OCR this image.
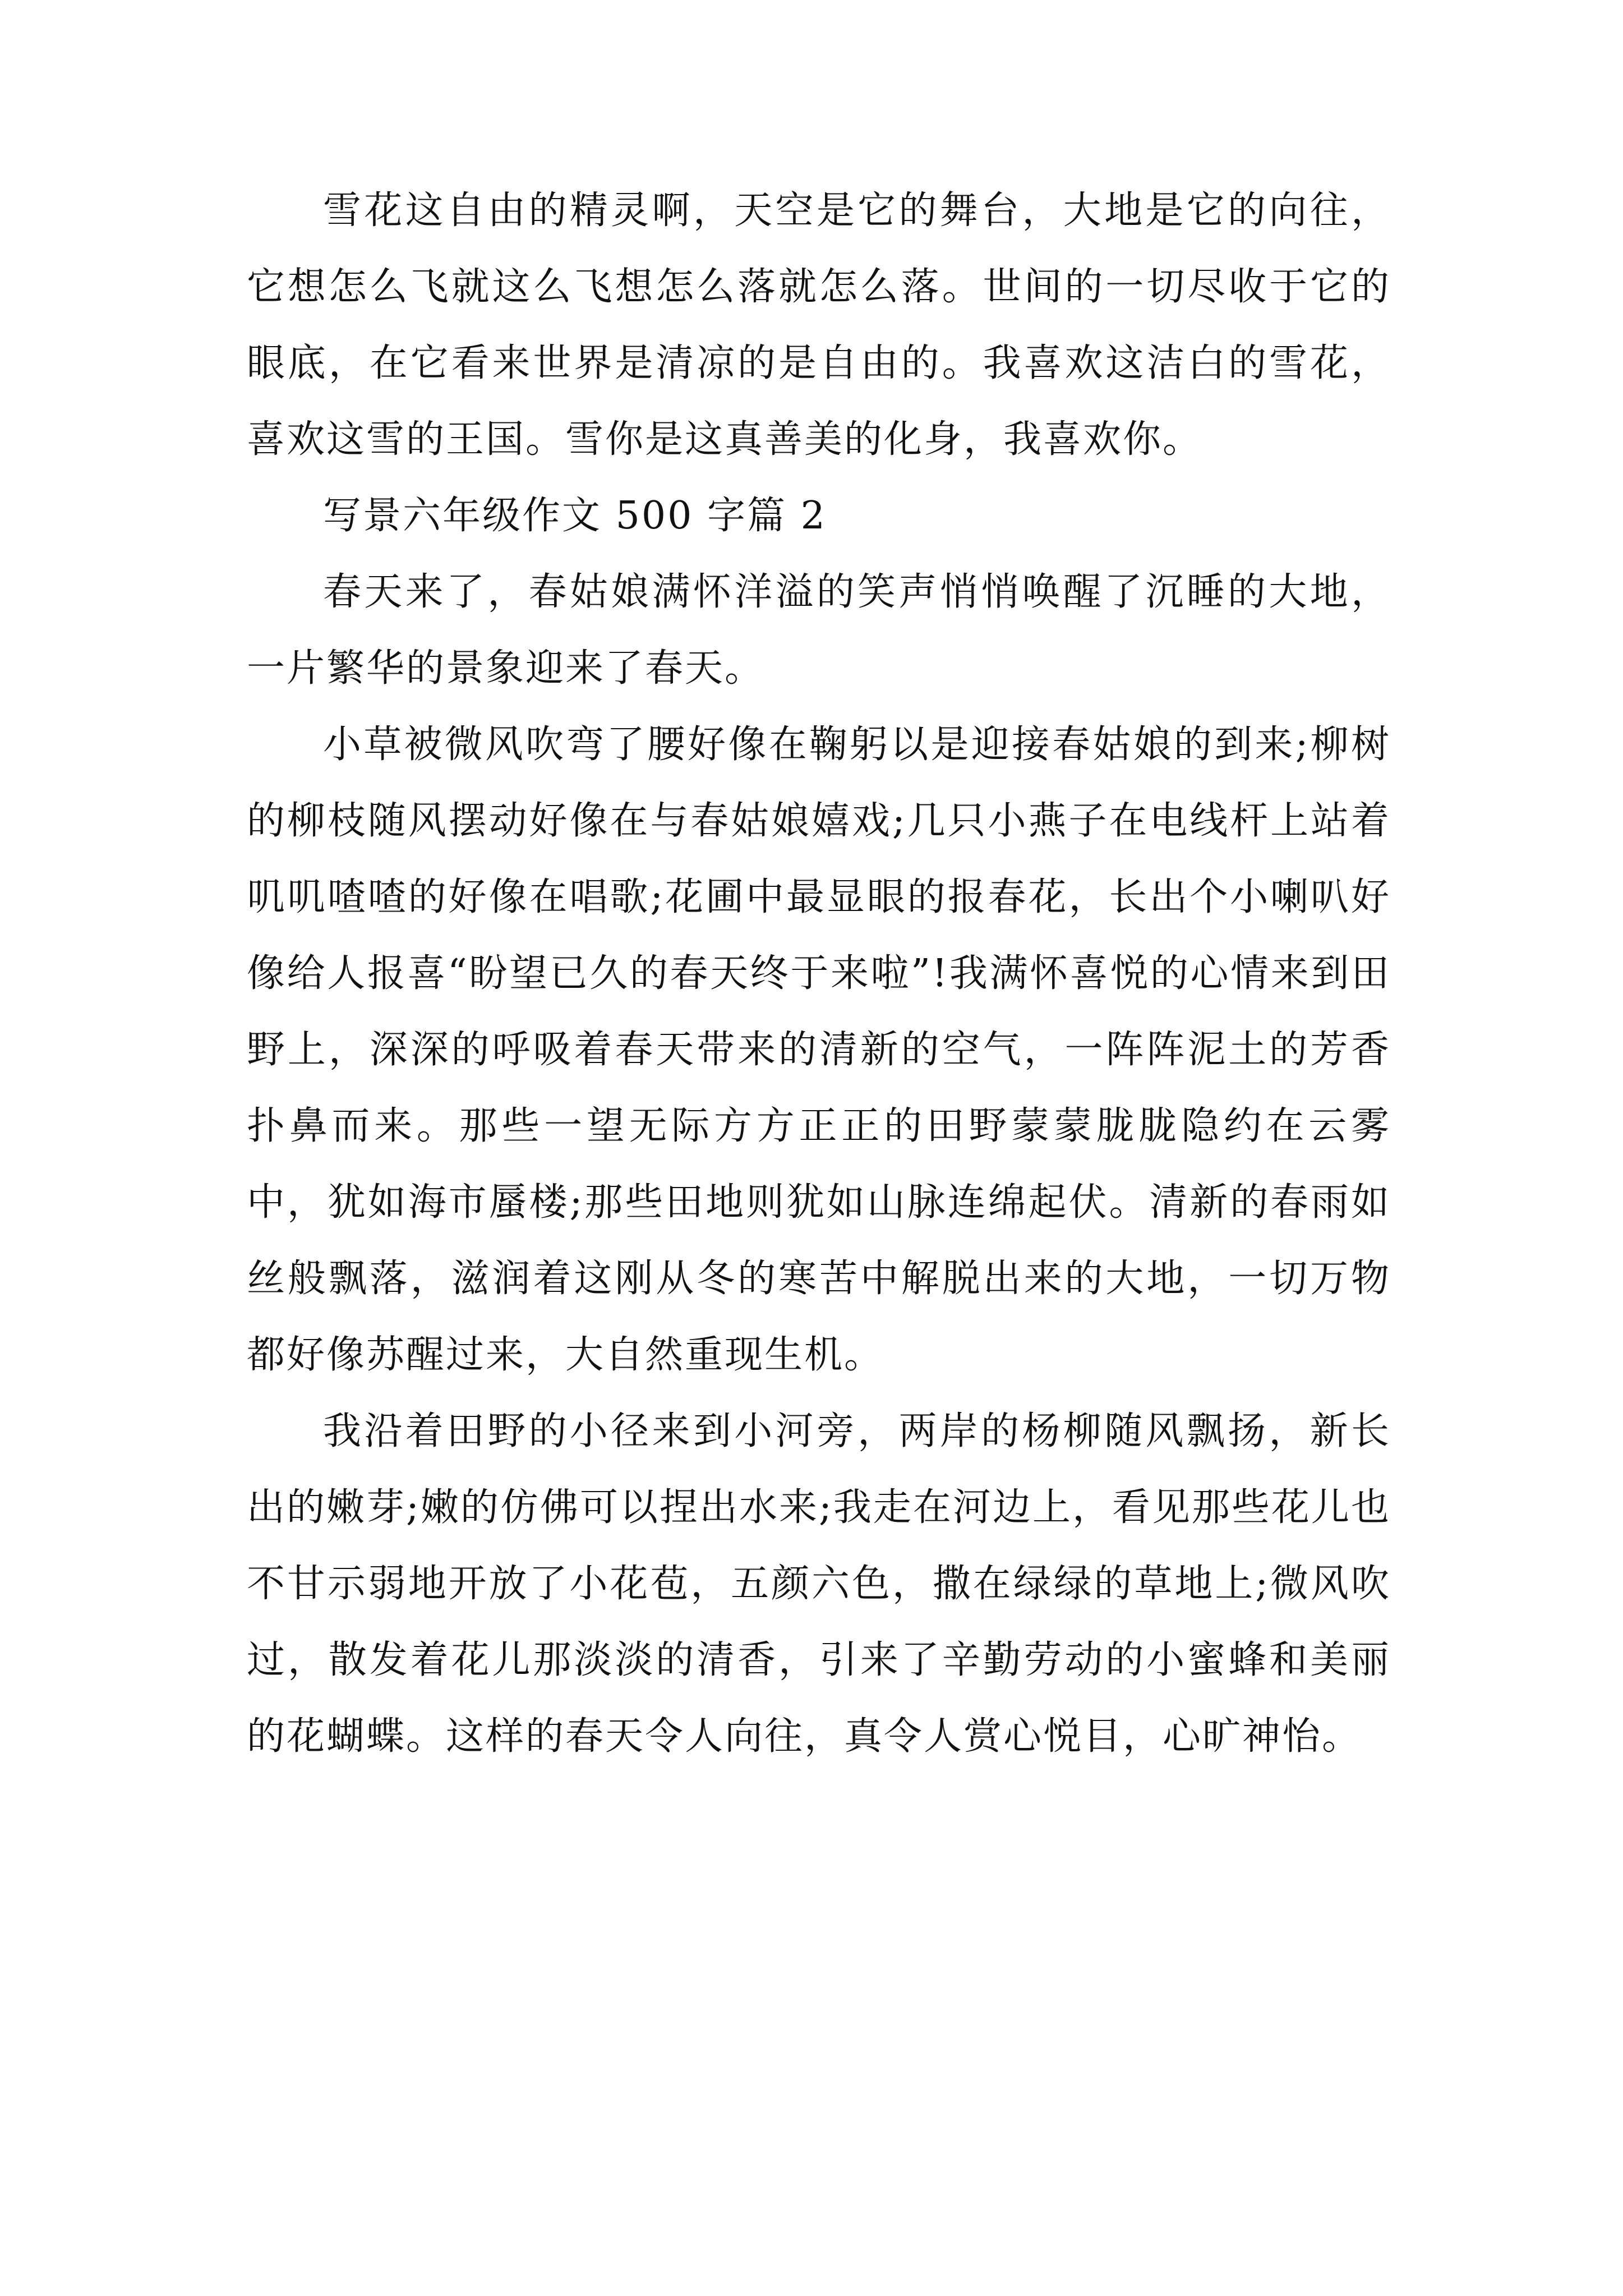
雪花这自由的精灵啊，天空是它的舞台，大地是它的向往，它想怎么飞就这么飞想怎么落就怎么落。世间的一切尽收于它的眼底，在它看来世界是清凉的是自由的。我喜欢这洁白的雪花，喜欢这雪的王国。雪你是这真善美的化身，我喜欢你。

写景六年级作文 500 字篇 2

春天来了，春姑娘满怀洋溢的笑声悄悄唤醒了沉睡的大地，一片繁华的景象迎来了春天。

小草被微风吹弯了腰好像在鞠躬以是迎接春姑娘的到来;柳树的柳枝随风摆动好像在与春姑娘嬉戏;几只小燕子在电线杆上站着叽叽喳喳的好像在唱歌;花圃中最显眼的报春花，长出个小喇叭好像给人报喜“盼望已久的春天终于来啦”!我满怀喜悦的心情来到田野上，深深的呼吸着春天带来的清新的空气，一阵阵泥土的芳香扑鼻而来。那些一望无际方方正正的田野蒙蒙胧胧隐约在云雾中，犹如海市蜃楼;那些田地则犹如山脉连绵起伏。清新的春雨如丝般飘落，滋润着这刚从冬的寒苦中解脱出来的大地，一切万物都好像苏醒过来，大自然重现生机。

我沿着田野的小径来到小河旁，两岸的杨柳随风飘扬，新长出的嫩芽;嫩的仿佛可以捏出水来;我走在河边上，看见那些花儿也不甘示弱地开放了小花苞，五颜六色，撒在绿绿的草地上;微风吹过，散发着花儿那淡淡的清香，引来了辛勤劳动的小蜜蜂和美丽的花蝴蝶。这样的春天令人向往，真令人赏心悦目，心旷神怡。
